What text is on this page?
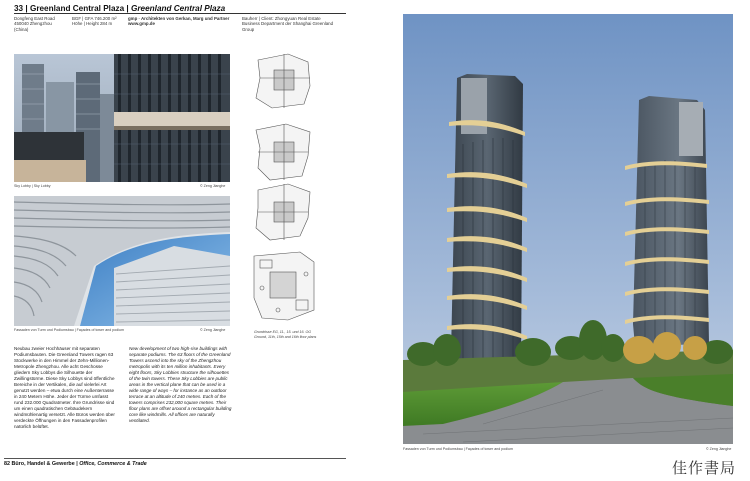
33 | Greenland Central Plaza | Greenland Central Plaza
Dongfeng East Road
450040 Zhengzhou
(China)
BGF | GFA 746.200 m²
Höhe | Height 284 m
gmp · Architekten von Gerkan, Marg und Partner
www.gmp.de
Bauherr | Client: Zhongyuan Real Estate
Business Department der Shanghai Greenland
Group
Sky Lobby | Sky Lobby	© Zeng Jianghe
Fassaden von Turm und Podiumsbau | Façades of tower and podium	© Zeng Jianghe	Grundrisse EG, 11., 15. und 16. OG
Ground, 11th, 15th and 16th floor plans
Neubau zweier Hochhäuser mit separaten Podiumsbauten. Die Greenland Towers ragen 63 Stockwerke in den Himmel der Zehn-Millionen-Metropole Zhengzhou. Alle acht Geschosse gliedern Sky Lobbys die Silhouette der Zwillingstürme. Diese Sky Lobbys sind öffentliche Bereiche in der Vertikalen, die auf vielerlei Art genutzt werden – etwa durch eine Außenterrasse in 240 Metern Höhe. Jeder der Türme umfasst rund 232.000 Quadratmeter. Ihre Grundrisse sind um einen quadratischen Gebäudekern windmühlenartig versetzt. Alle Büros werden über verdeckte Öffnungen in den Fassadenprofilen natürlich belüftet.
New development of two high-rise buildings with separate podiums. The 63 floors of the Greenland Towers ascend into the sky of the Zhengzhou metropolis with its ten million inhabitants. Every eight floors, Sky Lobbies structure the silhouettes of the twin towers. These Sky Lobbies are public areas in the vertical plane that can be used in a wide range of ways – for instance as an outdoor terrace at an altitude of 240 metres. Each of the towers comprises 232,000 square metres. Their floor plans are offset around a rectangular building core like windmills. All offices are naturally ventilated.
82 Büro, Handel & Gewerbe | Office, Commerce & Trade
Fassaden von Turm und Podiumsbau | Façades of tower and podium	© Zeng Jianghe
佳作書局
